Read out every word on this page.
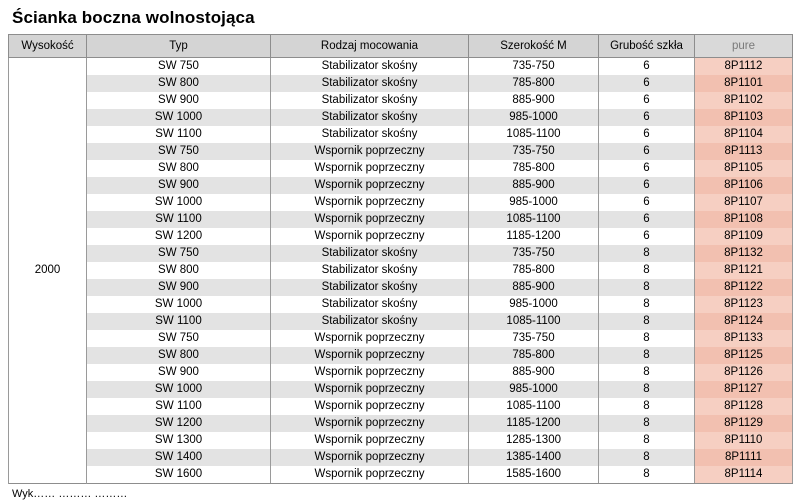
Ścianka boczna wolnostojąca
Wysokość	Typ	Rodzaj mocowania	Szerokość M	Grubość szkła	pure
2000	SW 750	Stabilizator skośny	735-750	6	8P1112
	SW 800	Stabilizator skośny	785-800	6	8P1101
	SW 900	Stabilizator skośny	885-900	6	8P1102
	SW 1000	Stabilizator skośny	985-1000	6	8P1103
	SW 1100	Stabilizator skośny	1085-1100	6	8P1104
	SW 750	Wspornik poprzeczny	735-750	6	8P1113
	SW 800	Wspornik poprzeczny	785-800	6	8P1105
	SW 900	Wspornik poprzeczny	885-900	6	8P1106
	SW 1000	Wspornik poprzeczny	985-1000	6	8P1107
	SW 1100	Wspornik poprzeczny	1085-1100	6	8P1108
	SW 1200	Wspornik poprzeczny	1185-1200	6	8P1109
	SW 750	Stabilizator skośny	735-750	8	8P1132
	SW 800	Stabilizator skośny	785-800	8	8P1121
	SW 900	Stabilizator skośny	885-900	8	8P1122
	SW 1000	Stabilizator skośny	985-1000	8	8P1123
	SW 1100	Stabilizator skośny	1085-1100	8	8P1124
	SW 750	Wspornik poprzeczny	735-750	8	8P1133
	SW 800	Wspornik poprzeczny	785-800	8	8P1125
	SW 900	Wspornik poprzeczny	885-900	8	8P1126
	SW 1000	Wspornik poprzeczny	985-1000	8	8P1127
	SW 1100	Wspornik poprzeczny	1085-1100	8	8P1128
	SW 1200	Wspornik poprzeczny	1185-1200	8	8P1129
	SW 1300	Wspornik poprzeczny	1285-1300	8	8P1110
	SW 1400	Wspornik poprzeczny	1385-1400	8	8P1111
	SW 1600	Wspornik poprzeczny	1585-1600	8	8P1114
Wyk…… ……… ………
